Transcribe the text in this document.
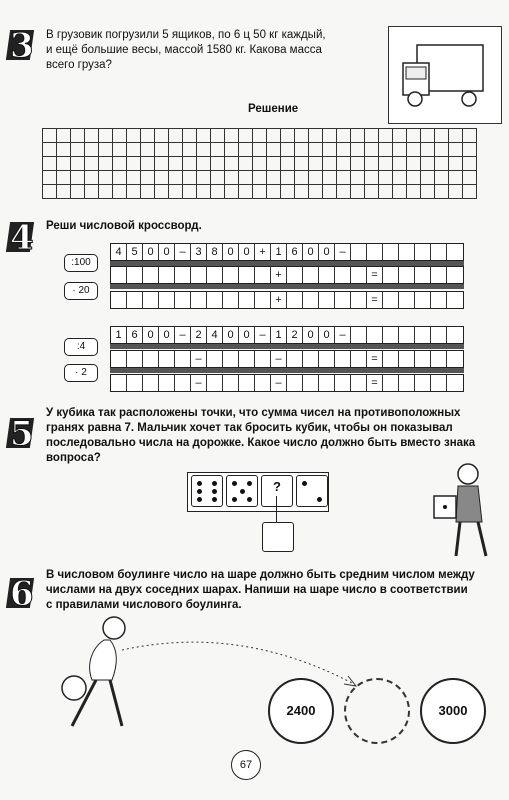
3 В грузовик погрузили 5 ящиков, по 6 ц 50 кг каждый,
и ещё большие весы, массой 1580 кг. Какова масса
всего груза?
Решение

4 Реши числовой кроссворд.
:100
· 20
4 5 0 0 – 3 8 0 0 + 1 6 0 0 –
+	=
+	=
:4
· 2
1 6 0 0 – 2 4 0 0 – 1 2 0 0 –
–	–	=
–	–	=
5
У кубика так расположены точки, что сумма чисел на противоположных
гранях равна 7. Мальчик хочет так бросить кубик, чтобы он показывал
последовально числа на дорожке. Какое число должно быть вместо знака
вопроса?
?
6 В числовом боулинге число на шаре должно быть средним числом между
числами на двух соседних шарах. Напиши на шаре число в соответствии
с правилами числового боулинга.
2400	3000
67
